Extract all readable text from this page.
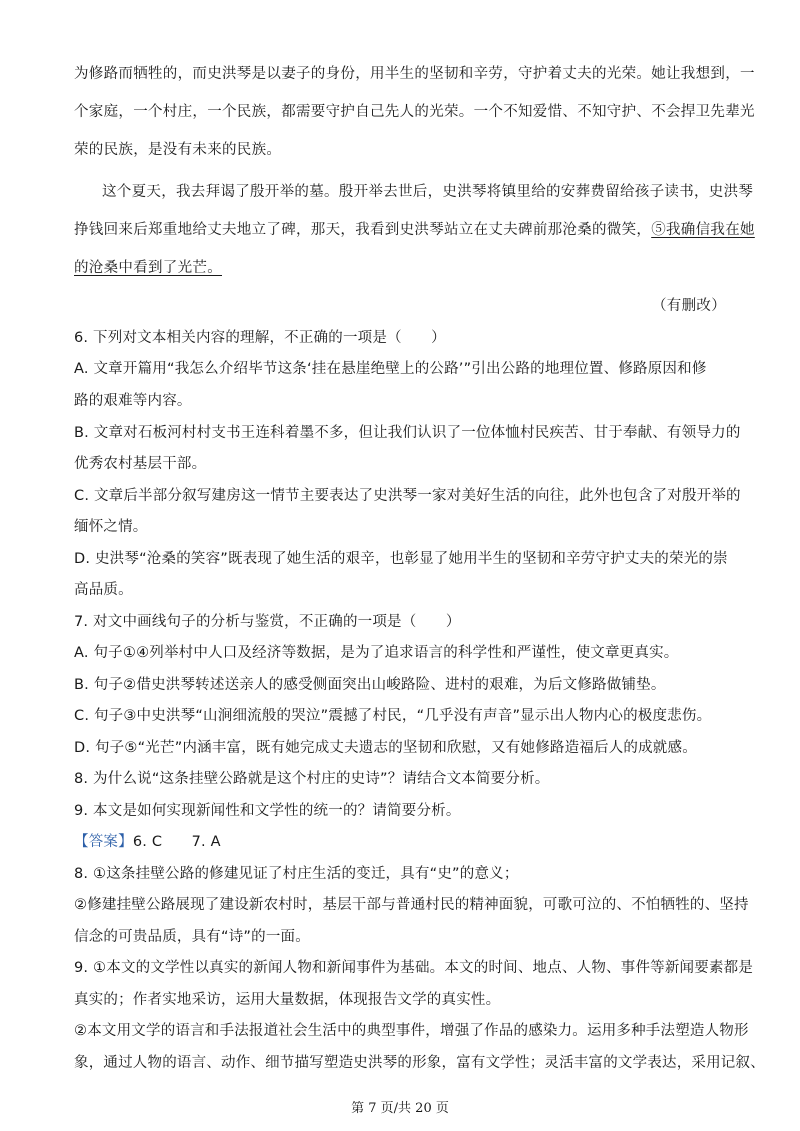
为修路而牺牲的，而史洪琴是以妻子的身份，用半生的坚韧和辛劳，守护着丈夫的光荣。她让我想到，一
个家庭，一个村庄，一个民族，都需要守护自己先人的光荣。一个不知爱惜、不知守护、不会捍卫先辈光
荣的民族，是没有未来的民族。
这个夏天，我去拜谒了殷开举的墓。殷开举去世后，史洪琴将镇里给的安葬费留给孩子读书，史洪琴
挣钱回来后郑重地给丈夫地立了碑，那天，我看到史洪琴站立在丈夫碑前那沧桑的微笑，⑤我确信我在她
的沧桑中看到了光芒。
（有删改）
6. 下列对文本相关内容的理解，不正确的一项是（　　）
A. 文章开篇用“我怎么介绍毕节这条‘挂在悬崖绝壁上的公路’”引出公路的地理位置、修路原因和修
路的艰难等内容。
B. 文章对石板河村村支书王连科着墨不多，但让我们认识了一位体恤村民疾苦、甘于奉献、有领导力的
优秀农村基层干部。
C. 文章后半部分叙写建房这一情节主要表达了史洪琴一家对美好生活的向往，此外也包含了对殷开举的
缅怀之情。
D. 史洪琴“沧桑的笑容”既表现了她生活的艰辛，也彰显了她用半生的坚韧和辛劳守护丈夫的荣光的崇
高品质。
7. 对文中画线句子的分析与鉴赏，不正确的一项是（　　）
A. 句子①④列举村中人口及经济等数据，是为了追求语言的科学性和严谨性，使文章更真实。
B. 句子②借史洪琴转述送亲人的感受侧面突出山峻路险、进村的艰难，为后文修路做铺垫。
C. 句子③中史洪琴“山涧细流般的哭泣”震撼了村民，“几乎没有声音”显示出人物内心的极度悲伤。
D. 句子⑤“光芒”内涵丰富，既有她完成丈夫遗志的坚韧和欣慰，又有她修路造福后人的成就感。
8. 为什么说“这条挂壁公路就是这个村庄的史诗”？请结合文本简要分析。
9. 本文是如何实现新闻性和文学性的统一的？请简要分析。
【答案】6. C　　7. A
8. ①这条挂壁公路的修建见证了村庄生活的变迁，具有“史”的意义；
②修建挂壁公路展现了建设新农村时，基层干部与普通村民的精神面貌，可歌可泣的、不怕牺牲的、坚持
信念的可贵品质，具有“诗”的一面。
9. ①本文的文学性以真实的新闻人物和新闻事件为基础。本文的时间、地点、人物、事件等新闻要素都是
真实的；作者实地采访，运用大量数据，体现报告文学的真实性。
②本文用文学的语言和手法报道社会生活中的典型事件，增强了作品的感染力。运用多种手法塑造人物形
象，通过人物的语言、动作、细节描写塑造史洪琴的形象，富有文学性；灵活丰富的文学表达，采用记叙、
第 7 页/共 20 页
